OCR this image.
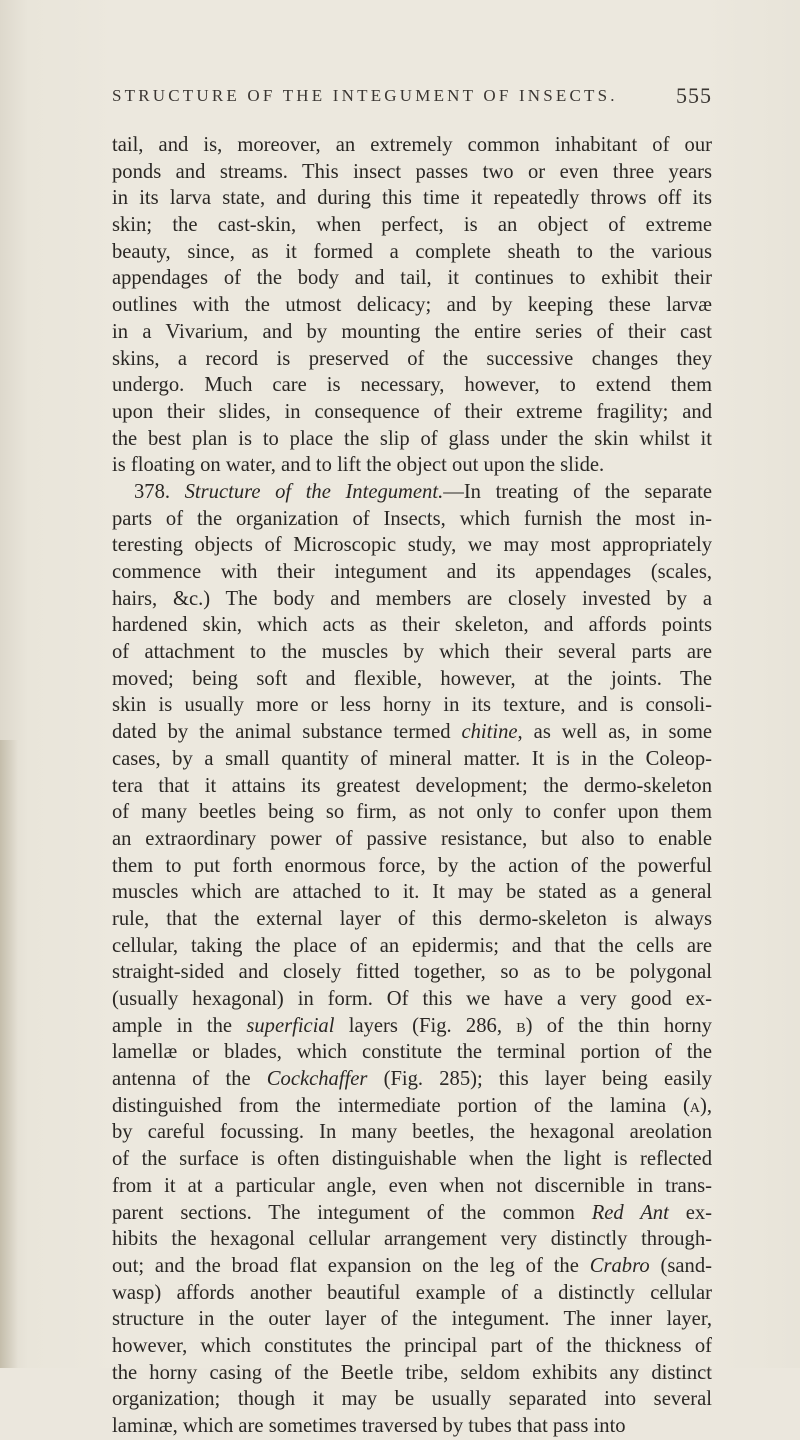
STRUCTURE OF THE INTEGUMENT OF INSECTS.	555
tail, and is, moreover, an extremely common inhabitant of our
ponds and streams. This insect passes two or even three years
in its larva state, and during this time it repeatedly throws off its
skin; the cast-skin, when perfect, is an object of extreme
beauty, since, as it formed a complete sheath to the various
appendages of the body and tail, it continues to exhibit their
outlines with the utmost delicacy; and by keeping these larvæ
in a Vivarium, and by mounting the entire series of their cast
skins, a record is preserved of the successive changes they
undergo. Much care is necessary, however, to extend them
upon their slides, in consequence of their extreme fragility; and
the best plan is to place the slip of glass under the skin whilst it
is floating on water, and to lift the object out upon the slide.
378. Structure of the Integument.—In treating of the separate
parts of the organization of Insects, which furnish the most in-
teresting objects of Microscopic study, we may most appropriately
commence with their integument and its appendages (scales,
hairs, &c.) The body and members are closely invested by a
hardened skin, which acts as their skeleton, and affords points
of attachment to the muscles by which their several parts are
moved; being soft and flexible, however, at the joints. The
skin is usually more or less horny in its texture, and is consoli-
dated by the animal substance termed chitine, as well as, in some
cases, by a small quantity of mineral matter. It is in the Coleop-
tera that it attains its greatest development; the dermo-skeleton
of many beetles being so firm, as not only to confer upon them
an extraordinary power of passive resistance, but also to enable
them to put forth enormous force, by the action of the powerful
muscles which are attached to it. It may be stated as a general
rule, that the external layer of this dermo-skeleton is always
cellular, taking the place of an epidermis; and that the cells are
straight-sided and closely fitted together, so as to be polygonal
(usually hexagonal) in form. Of this we have a very good ex-
ample in the superficial layers (Fig. 286, b) of the thin horny
lamellæ or blades, which constitute the terminal portion of the
antenna of the Cockchaffer (Fig. 285); this layer being easily
distinguished from the intermediate portion of the lamina (a),
by careful focussing. In many beetles, the hexagonal areolation
of the surface is often distinguishable when the light is reflected
from it at a particular angle, even when not discernible in trans-
parent sections. The integument of the common Red Ant ex-
hibits the hexagonal cellular arrangement very distinctly through-
out; and the broad flat expansion on the leg of the Crabro (sand-
wasp) affords another beautiful example of a distinctly cellular
structure in the outer layer of the integument. The inner layer,
however, which constitutes the principal part of the thickness of
the horny casing of the Beetle tribe, seldom exhibits any distinct
organization; though it may be usually separated into several
laminæ, which are sometimes traversed by tubes that pass into
